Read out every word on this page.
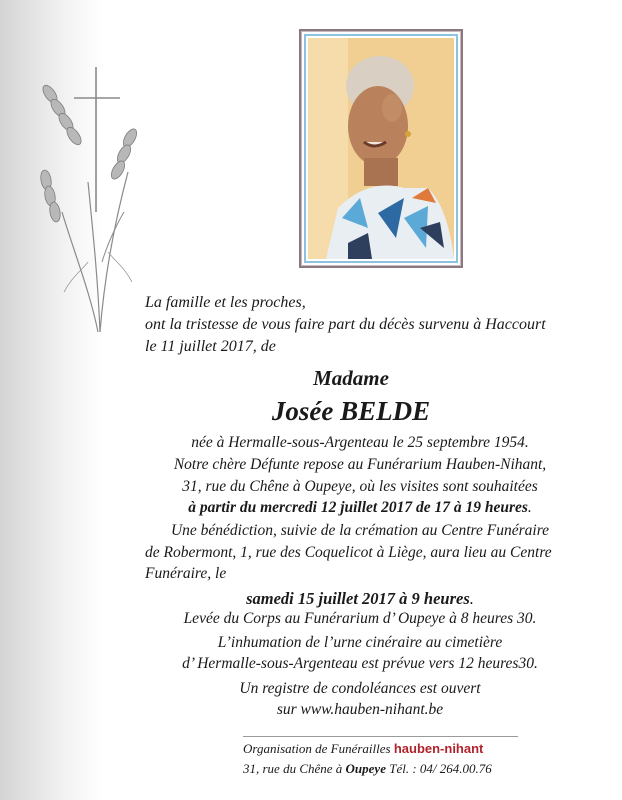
La famille et les proches,
ont la tristesse de vous faire part du décès survenu à Haccourt
le 11 juillet 2017, de
Madame
Josée BELDE
née à Hermalle-sous-Argenteau le 25 septembre 1954.
Notre chère Défunte repose au Funérarium Hauben-Nihant,
31, rue du Chêne à Oupeye, où les visites sont souhaitées
à partir du mercredi 12 juillet 2017 de 17 à 19 heures.
Une bénédiction, suivie de la crémation au Centre Funéraire
de Robermont, 1, rue des Coquelicot à Liège, aura lieu au Centre
Funéraire, le
samedi 15 juillet 2017 à 9 heures.
Levée du Corps au Funérarium d’ Oupeye à 8 heures 30.
L’inhumation de l’urne cinéraire au cimetière
d’ Hermalle-sous-Argenteau est prévue vers 12 heures30.
Un registre de condoléances est ouvert
sur www.hauben-nihant.be
Organisation de Funérailles hauben-nihant
31, rue du Chêne à Oupeye Tél. : 04/ 264.00.76
